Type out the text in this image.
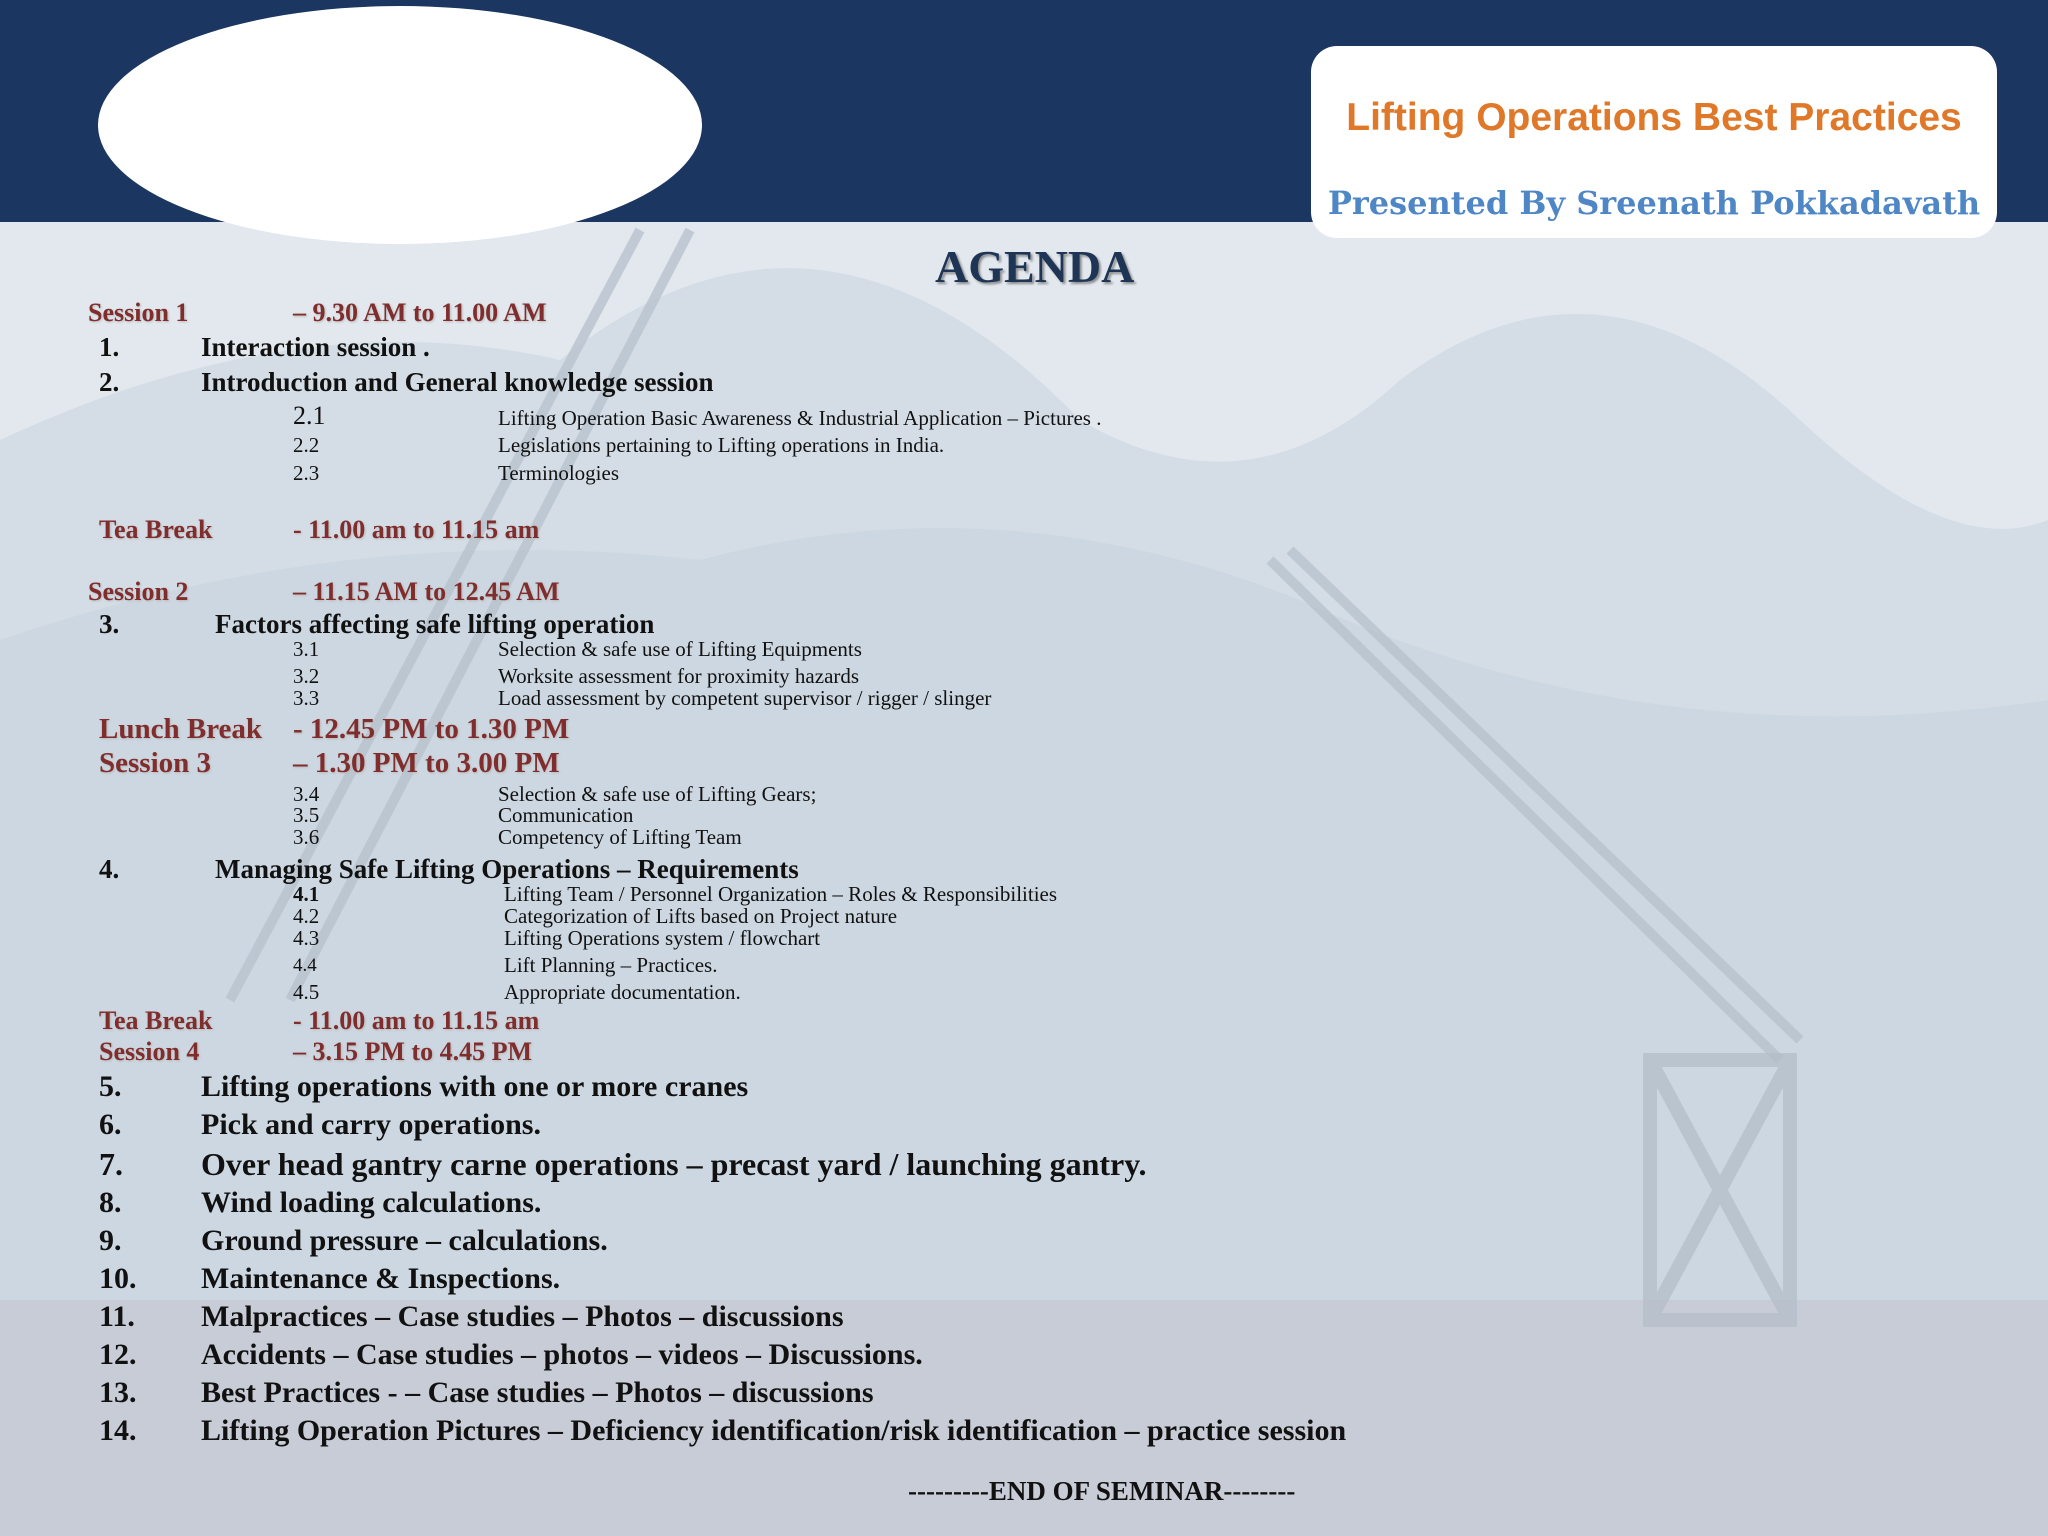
Lifting Operations Best Practices
Presented By Sreenath Pokkadavath
AGENDA
Session 1	– 9.30 AM to 11.00 AM
1.	Interaction session .
2.	Introduction and General knowledge session
2.1	Lifting Operation Basic Awareness & Industrial Application – Pictures .
2.2	Legislations pertaining to Lifting operations in India.
2.3	Terminologies
Tea Break	- 11.00 am to 11.15 am
Session 2	– 11.15 AM to 12.45 AM
3.	Factors affecting safe lifting operation
3.1	Selection & safe use of Lifting Equipments
3.2	Worksite assessment for proximity hazards
3.3	Load assessment by competent supervisor / rigger / slinger
Lunch Break - 12.45 PM to 1.30 PM
Session 3	– 1.30 PM to 3.00 PM
3.4	Selection & safe use of Lifting Gears;
3.5	Communication
3.6	Competency of Lifting Team
4.	Managing Safe Lifting Operations – Requirements
4.1	Lifting Team / Personnel Organization – Roles & Responsibilities
4.2	Categorization of Lifts based on Project nature
4.3	Lifting Operations system / flowchart
4.4	Lift Planning – Practices.
4.5	Appropriate documentation.
Tea Break	- 11.00 am to 11.15 am
Session 4	– 3.15 PM to 4.45 PM
5.	Lifting operations with one or more cranes
6.	Pick and carry operations.
7. Over head gantry carne operations – precast yard / launching gantry.
8.	Wind loading calculations.
9.	Ground pressure – calculations.
10. Maintenance & Inspections.
11. Malpractices – Case studies – Photos – discussions
12. Accidents – Case studies – photos – videos – Discussions.
13. Best Practices - – Case studies – Photos – discussions
14. Lifting Operation Pictures – Deficiency identification/risk identification – practice session
---------END OF SEMINAR--------
